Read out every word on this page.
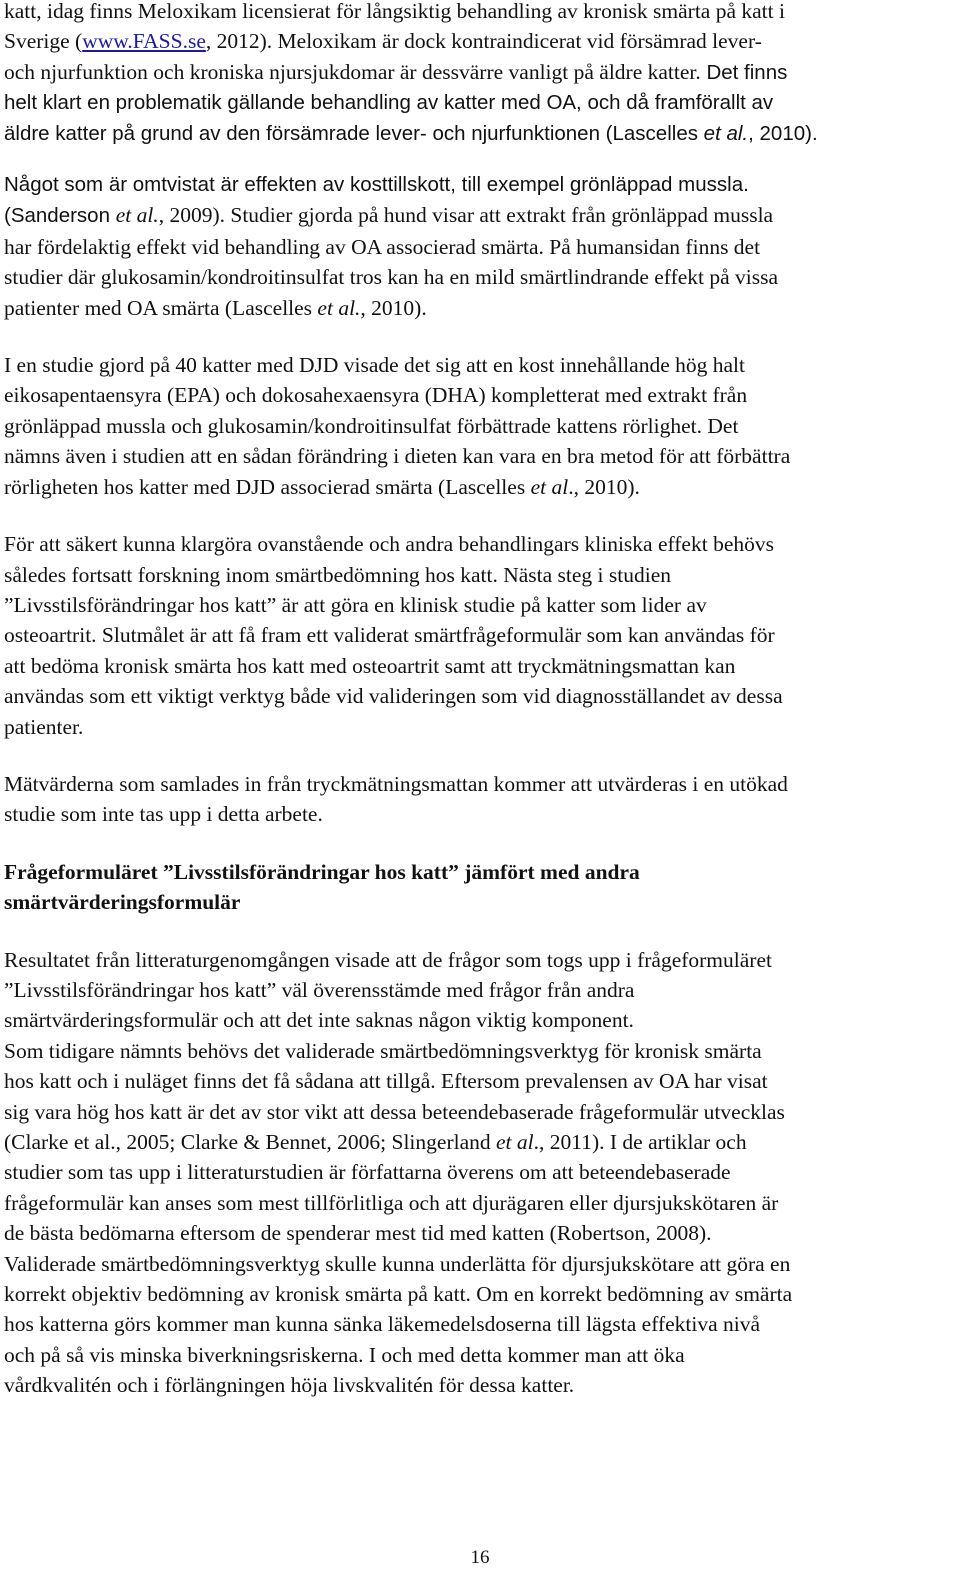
katt, idag finns Meloxikam licensierat för långsiktig behandling av kronisk smärta på katt i
Sverige (www.FASS.se, 2012). Meloxikam är dock kontraindicerat vid försämrad lever-
och njurfunktion och kroniska njursjukdomar är dessvärre vanligt på äldre katter. Det finns
helt klart en problematik gällande behandling av katter med OA, och då framförallt av
äldre katter på grund av den försämrade lever- och njurfunktionen (Lascelles et al., 2010).

Något som är omtvistat är effekten av kosttillskott, till exempel grönläppad mussla.
(Sanderson et al., 2009). Studier gjorda på hund visar att extrakt från grönläppad mussla
har fördelaktig effekt vid behandling av OA associerad smärta. På humansidan finns det
studier där glukosamin/kondroitinsulfat tros kan ha en mild smärtlindrande effekt på vissa
patienter med OA smärta (Lascelles et al., 2010).

I en studie gjord på 40 katter med DJD visade det sig att en kost innehållande hög halt
eikosapentaensyra (EPA) och dokosahexaensyra (DHA) kompletterat med extrakt från
grönläppad mussla och glukosamin/kondroitinsulfat förbättrade kattens rörlighet. Det
nämns även i studien att en sådan förändring i dieten kan vara en bra metod för att förbättra
rörligheten hos katter med DJD associerad smärta (Lascelles et al., 2010).

För att säkert kunna klargöra ovanstående och andra behandlingars kliniska effekt behövs
således fortsatt forskning inom smärtbedömning hos katt. Nästa steg i studien
”Livsstilsförändringar hos katt” är att göra en klinisk studie på katter som lider av
osteoartrit. Slutmålet är att få fram ett validerat smärtfrågeformulär som kan användas för
att bedöma kronisk smärta hos katt med osteoartrit samt att tryckmätningsmattan kan
användas som ett viktigt verktyg både vid valideringen som vid diagnosställandet av dessa
patienter.

Mätvärderna som samlades in från tryckmätningsmattan kommer att utvärderas i en utökad
studie som inte tas upp i detta arbete.

Frågeformuläret ”Livsstilsförändringar hos katt” jämfört med andra
smärtvärderingsformulär

Resultatet från litteraturgenomgången visade att de frågor som togs upp i frågeformuläret
”Livsstilsförändringar hos katt” väl överensstämde med frågor från andra
smärtvärderingsformulär och att det inte saknas någon viktig komponent.
Som tidigare nämnts behövs det validerade smärtbedömningsverktyg för kronisk smärta
hos katt och i nuläget finns det få sådana att tillgå. Eftersom prevalensen av OA har visat
sig vara hög hos katt är det av stor vikt att dessa beteendebaserade frågeformulär utvecklas
(Clarke et al., 2005; Clarke & Bennet, 2006; Slingerland et al., 2011). I de artiklar och
studier som tas upp i litteraturstudien är författarna överens om att beteendebaserade
frågeformulär kan anses som mest tillförlitliga och att djurägaren eller djursjukskötaren är
de bästa bedömarna eftersom de spenderar mest tid med katten (Robertson, 2008).
Validerade smärtbedömningsverktyg skulle kunna underlätta för djursjukskötare att göra en
korrekt objektiv bedömning av kronisk smärta på katt. Om en korrekt bedömning av smärta
hos katterna görs kommer man kunna sänka läkemedelsdoserna till lägsta effektiva nivå
och på så vis minska biverkningsriskerna. I och med detta kommer man att öka
vårdkvalitén och i förlängningen höja livskvalitén för dessa katter.

16
